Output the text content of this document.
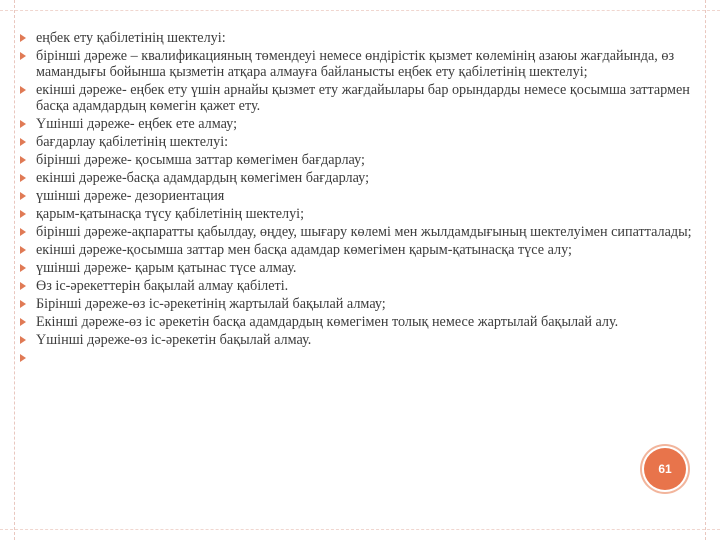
еңбек ету қабілетінің шектелуі:
бірінші дәреже – квалификацияның төмендеуі немесе өндірістік қызмет көлемінің азаюы жағдайында, өз мамандығы бойынша қызметін атқара алмауға байланысты еңбек ету қабілетінің шектелуі;
екінші дәреже- еңбек ету үшін арнайы қызмет ету жағдайылары бар орындарды немесе қосымша заттармен басқа адамдардың көмегін қажет ету.
Үшінші дәреже- еңбек ете алмау;
бағдарлау қабілетінің шектелуі:
бірінші дәреже- қосымша заттар көмегімен бағдарлау;
екінші дәреже-басқа адамдардың көмегімен бағдарлау;
үшінші дәреже- дезориентация
қарым-қатынасқа түсу қабілетінің шектелуі;
бірінші дәреже-ақпаратты қабылдау, өңдеу, шығару көлемі мен жылдамдығының шектелуімен сипатталады;
екінші дәреже-қосымша заттар мен басқа адамдар көмегімен қарым-қатынасқа түсе алу;
үшінші дәреже- қарым қатынас түсе алмау.
Өз іс-әрекеттерін бақылай алмау қабілеті.
Бірінші дәреже-өз іс-әрекетінің жартылай бақылай алмау;
Екінші дәреже-өз іс әрекетін басқа адамдардың көмегімен толық немесе жартылай бақылай алу.
Үшінші дәреже-өз іс-әрекетін бақылай алмау.
61
